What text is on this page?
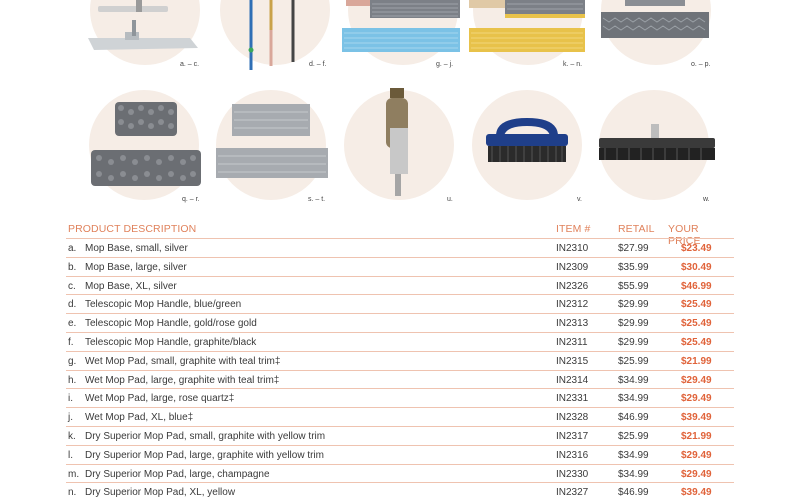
a. – c.	d. – f.	g. – j.	k. – n.	o. – p.
q. – r.	s. – t.	u.	v.	w.
PRODUCT DESCRIPTION	ITEM #	RETAIL YOUR PRICE
a. Mop Base, small, silver	IN2310	$27.99	$23.49
b. Mop Base, large, silver	IN2309	$35.99	$30.49
c. Mop Base, XL, silver	IN2326	$55.99	$46.99
d. Telescopic Mop Handle, blue/green	IN2312	$29.99	$25.49
e. Telescopic Mop Handle, gold/rose gold	IN2313	$29.99	$25.49
f. Telescopic Mop Handle, graphite/black	IN2311	$29.99	$25.49
g. Wet Mop Pad, small, graphite with teal trim‡	IN2315	$25.99	$21.99
h. Wet Mop Pad, large, graphite with teal trim‡	IN2314	$34.99	$29.49
i. Wet Mop Pad, large, rose quartz‡	IN2331	$34.99	$29.49
j. Wet Mop Pad, XL, blue‡	IN2328	$46.99	$39.49
k. Dry Superior Mop Pad, small, graphite with yellow trim	IN2317	$25.99	$21.99
l. Dry Superior Mop Pad, large, graphite with yellow trim	IN2316	$34.99	$29.49
m. Dry Superior Mop Pad, large, champagne	IN2330	$34.99	$29.49
n. Dry Superior Mop Pad, XL, yellow	IN2327	$46.99	$39.49
